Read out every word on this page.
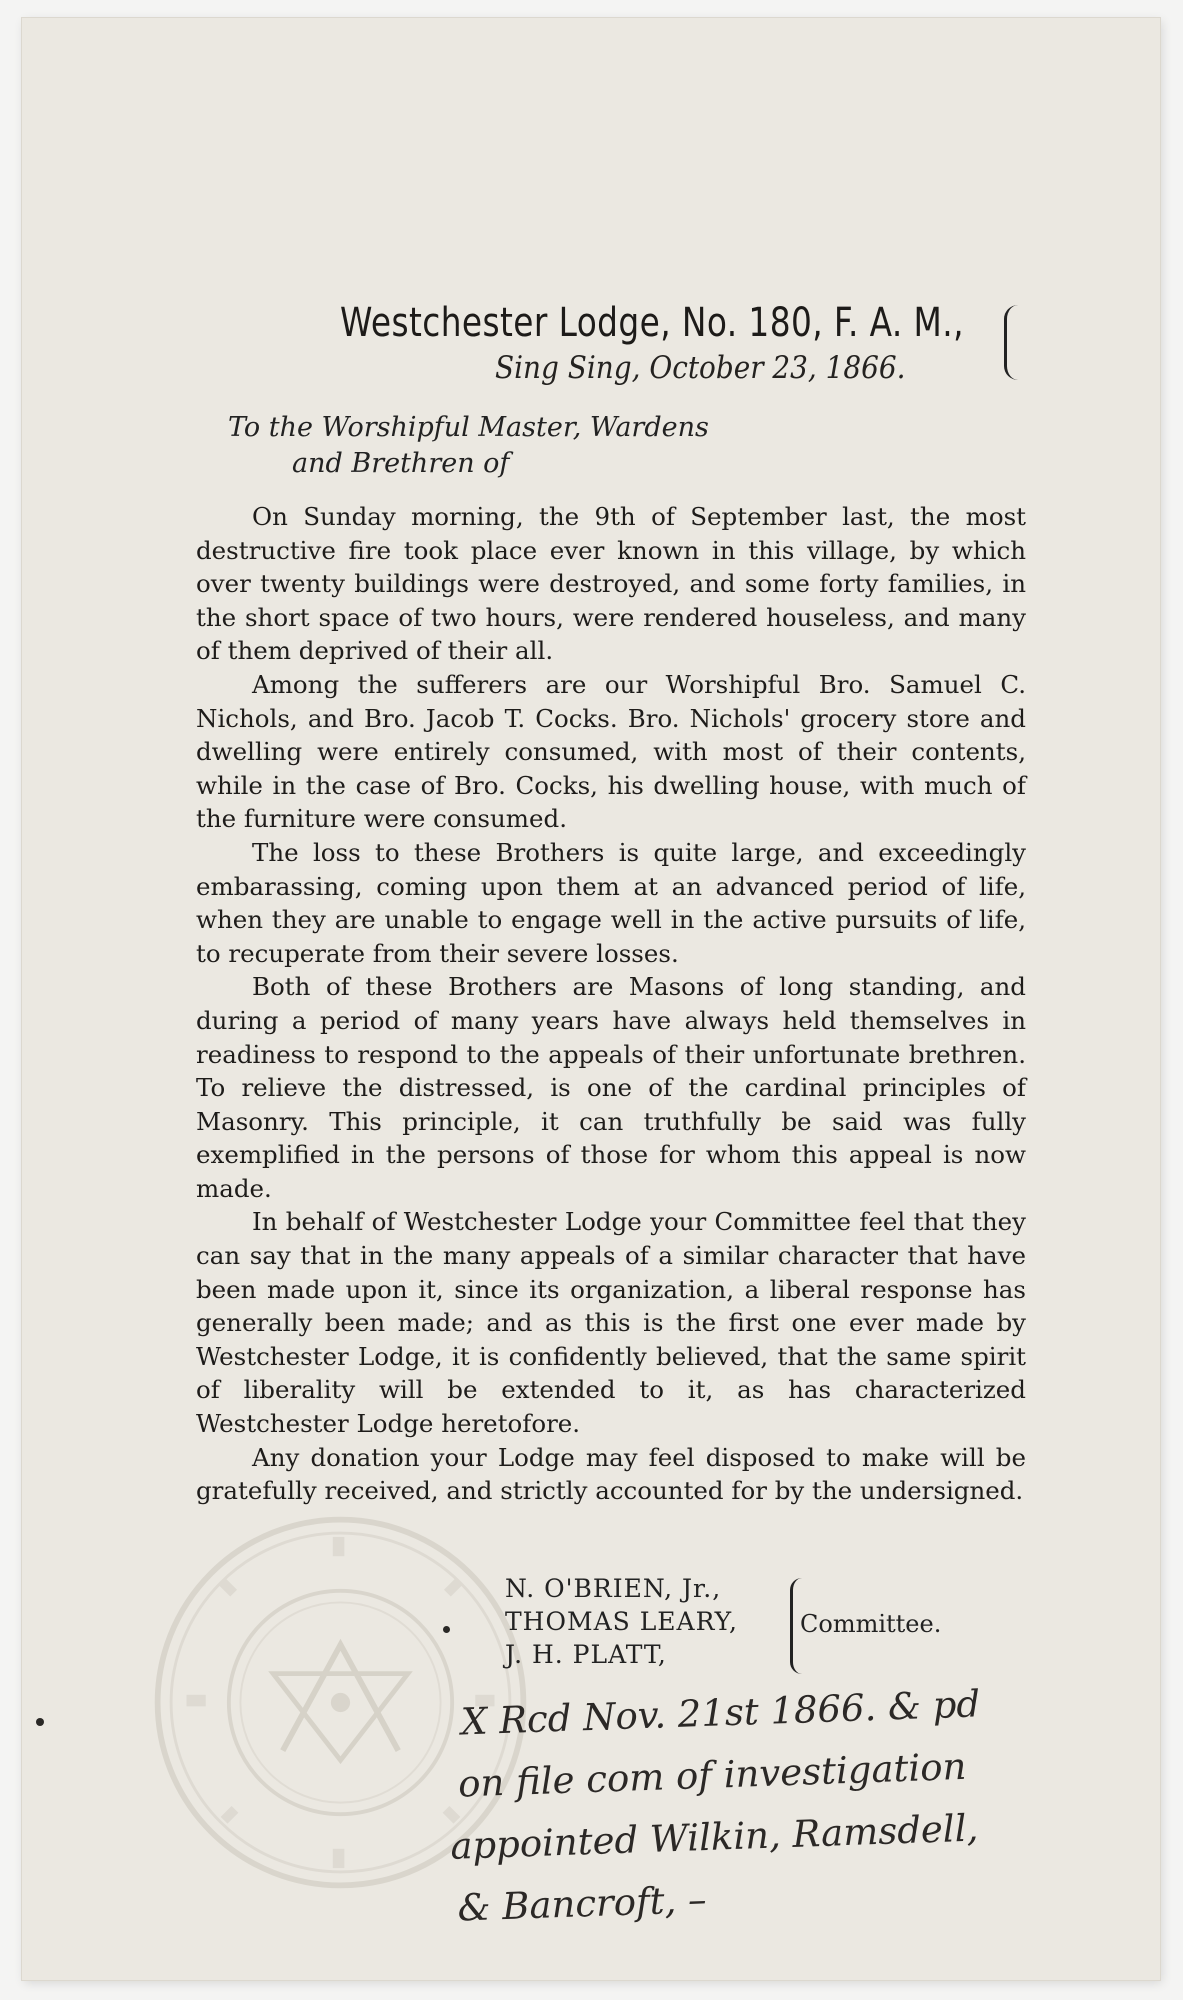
Westchester Lodge, No. 180, F. A. M.,
Sing Sing, October 23, 1866.
To the Worshipful Master, Wardens
and Brethren of

On Sunday morning, the 9th of September last, the most destructive fire took place ever known in this village, by which over twenty buildings were destroyed, and some forty families, in the short space of two hours, were rendered houseless, and many of them deprived of their all.

Among the sufferers are our Worshipful Bro. Samuel C. Nichols, and Bro. Jacob T. Cocks. Bro. Nichols' grocery store and dwelling were entirely consumed, with most of their contents, while in the case of Bro. Cocks, his dwelling house, with much of the furniture were consumed.

The loss to these Brothers is quite large, and exceedingly embarassing, coming upon them at an advanced period of life, when they are unable to engage well in the active pursuits of life, to recuperate from their severe losses.

Both of these Brothers are Masons of long standing, and during a period of many years have always held themselves in readiness to respond to the appeals of their unfortunate brethren. To relieve the distressed, is one of the cardinal principles of Masonry. This principle, it can truthfully be said was fully exemplified in the persons of those for whom this appeal is now made.

In behalf of Westchester Lodge your Committee feel that they can say that in the many appeals of a similar character that have been made upon it, since its organization, a liberal response has generally been made; and as this is the first one ever made by Westchester Lodge, it is confidently believed, that the same spirit of liberality will be extended to it, as has characterized Westchester Lodge heretofore.

Any donation your Lodge may feel disposed to make will be gratefully received, and strictly accounted for by the undersigned.

N. O'BRIEN, Jr.,
THOMAS LEARY,
J. H. PLATT,
Committee.
X Rcd Nov. 21st 1866. & pd
on file com of investigation
appointed Wilkin, Ramsdell,
& Bancroft, –
